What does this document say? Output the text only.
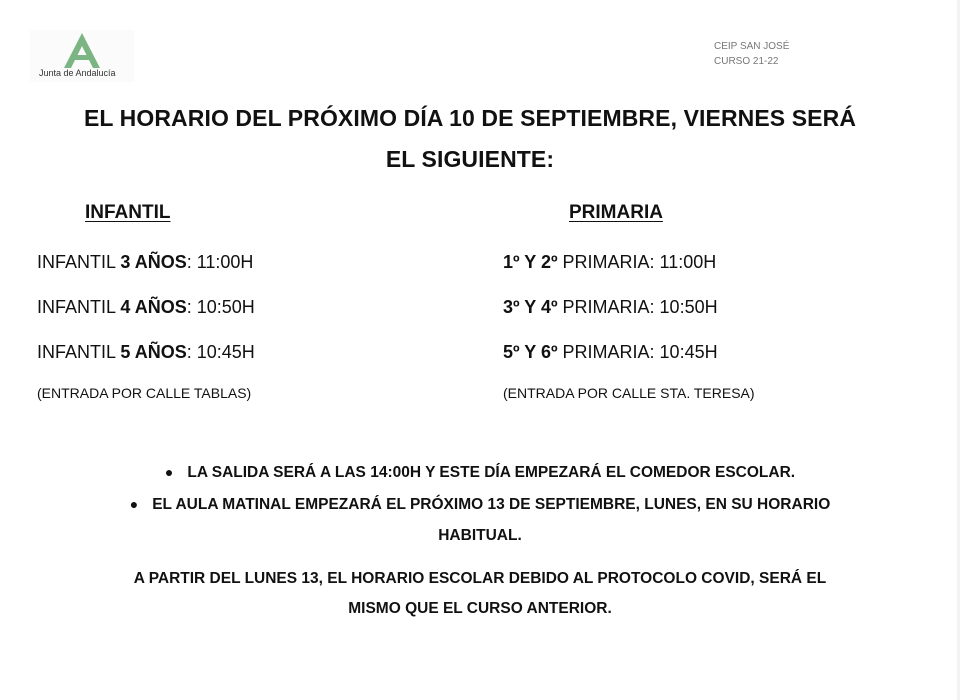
Junta de Andalucía
CEIP SAN JOSÉ
CURSO 21-22
EL HORARIO DEL PRÓXIMO DÍA 10 DE SEPTIEMBRE, VIERNES SERÁ
EL SIGUIENTE:
INFANTIL	PRIMARIA
INFANTIL 3 AÑOS: 11:00H
INFANTIL 4 AÑOS: 10:50H
INFANTIL 5 AÑOS: 10:45H
(ENTRADA POR CALLE TABLAS)
1º Y 2º PRIMARIA: 11:00H
3º Y 4º PRIMARIA: 10:50H
5º Y 6º PRIMARIA: 10:45H
(ENTRADA POR CALLE STA. TERESA)
● LA SALIDA SERÁ A LAS 14:00H Y ESTE DÍA EMPEZARÁ EL COMEDOR ESCOLAR.
● EL AULA MATINAL EMPEZARÁ EL PRÓXIMO 13 DE SEPTIEMBRE, LUNES, EN SU HORARIO
HABITUAL.
A PARTIR DEL LUNES 13, EL HORARIO ESCOLAR DEBIDO AL PROTOCOLO COVID, SERÁ EL
MISMO QUE EL CURSO ANTERIOR.
